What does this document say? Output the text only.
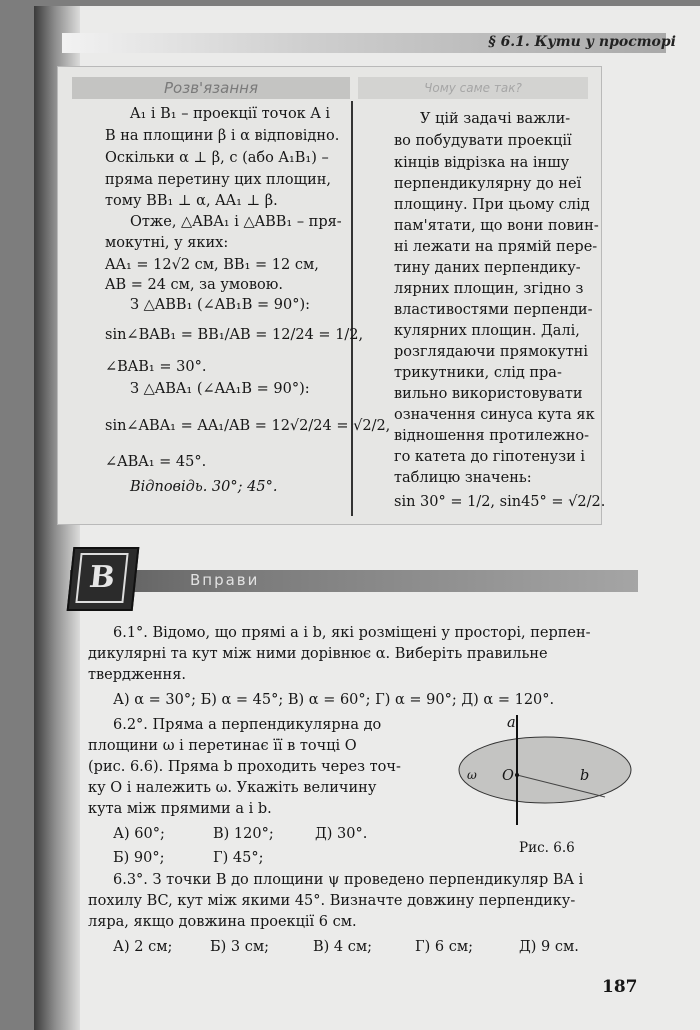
§ 6.1. Кути у просторі
Розв'язання	Чому саме так?
A₁ і B₁ – проекції точок A і
B на площини β і α відповідно.
Оскільки α ⊥ β, c (або A₁B₁) –
пряма перетину цих площин,
тому BB₁ ⊥ α, AA₁ ⊥ β.
Отже, △ABA₁ і △ABB₁ – пря-
мокутні, у яких:
AA₁ = 12√2 см, BB₁ = 12 см,
AB = 24 см, за умовою.
З △ABB₁ (∠AB₁B = 90°):
sin∠BAB₁ = BB₁/AB = 12/24 = 1/2,
∠BAB₁ = 30°.
З △ABA₁ (∠AA₁B = 90°):
sin∠ABA₁ = AA₁/AB = 12√2/24 = √2/2,
∠ABA₁ = 45°.
Відповідь. 30°; 45°.
У цій задачі важли-
во побудувати проекції
кінців відрізка на іншу
перпендикулярну до неї
площину. При цьому слід
пам'ятати, що вони повин-
ні лежати на прямій пере-
тину даних перпендику-
лярних площин, згідно з
властивостями перпенди-
кулярних площин. Далі,
розглядаючи прямокутні
трикутники, слід пра-
вильно використовувати
означення синуса кута як
відношення протилежно-
го катета до гіпотенузи і
таблицю значень:
sin 30° = 1/2, sin45° = √2/2.
В	Вправи
6.1°. Відомо, що прямі a і b, які розміщені у просторі, перпен-
дикулярні та кут між ними дорівнює α. Виберіть правильне
твердження.
А) α = 30°; Б) α = 45°; В) α = 60°; Г) α = 90°; Д) α = 120°.
6.2°. Пряма a перпендикулярна до
площини ω і перетинає її в точці O
(рис. 6.6). Пряма b проходить через точ-
ку O і належить ω. Укажіть величину
кута між прямими a і b.
А) 60°;	В) 120°;	Д) 30°.
Б) 90°;	Г) 45°;
a
b
O
ω
Рис. 6.6
6.3°. З точки B до площини ψ проведено перпендикуляр BA і
похилу BC, кут між якими 45°. Визначте довжину перпендику-
ляра, якщо довжина проекції 6 см.
А) 2 см;	Б) 3 см;	В) 4 см;	Г) 6 см;	Д) 9 см.
187
